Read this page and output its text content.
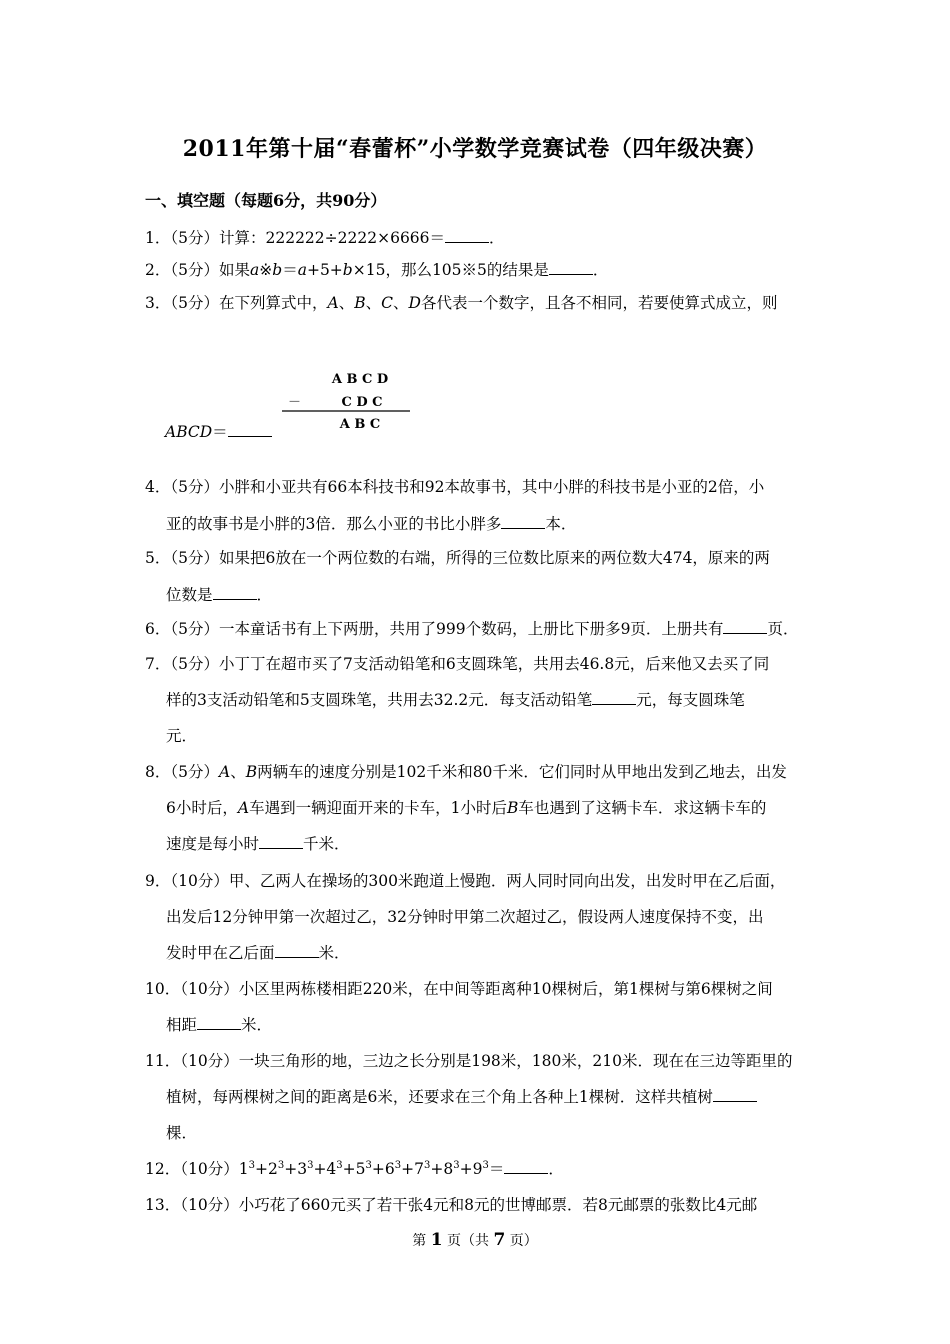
2011年第十届“春蕾杯”小学数学竞赛试卷（四年级决赛）
一、填空题（每题6分，共90分）
1．（5分）计算：222222÷2222×6666＝	．
2．（5分）如果a※b＝a+5+b×15，那么105※5的结果是	．
3．（5分）在下列算式中，A、B、C、D各代表一个数字，且各不相同，若要使算式成立，则
A B C D
－	C D C
A B C
ABCD＝
4．（5分）小胖和小亚共有66本科技书和92本故事书，其中小胖的科技书是小亚的2倍，小
亚的故事书是小胖的3倍．那么小亚的书比小胖多	本．
5．（5分）如果把6放在一个两位数的右端，所得的三位数比原来的两位数大474，原来的两
位数是	．
6．（5分）一本童话书有上下两册，共用了999个数码，上册比下册多9页．上册共有	页．
7．（5分）小丁丁在超市买了7支活动铅笔和6支圆珠笔，共用去46.8元，后来他又去买了同
样的3支活动铅笔和5支圆珠笔，共用去32.2元．每支活动铅笔	元，每支圆珠笔
元．
8．（5分）A、B两辆车的速度分别是102千米和80千米．它们同时从甲地出发到乙地去，出发
6小时后，A车遇到一辆迎面开来的卡车，1小时后B车也遇到了这辆卡车．求这辆卡车的
速度是每小时	千米．
9．（10分）甲、乙两人在操场的300米跑道上慢跑．两人同时同向出发，出发时甲在乙后面，
出发后12分钟甲第一次超过乙，32分钟时甲第二次超过乙，假设两人速度保持不变，出
发时甲在乙后面	米．
10．（10分）小区里两栋楼相距220米，在中间等距离种10棵树后，第1棵树与第6棵树之间
相距	米．
11．（10分）一块三角形的地，三边之长分别是198米，180米，210米．现在在三边等距里的
植树，每两棵树之间的距离是6米，还要求在三个角上各种上1棵树．这样共植树
棵．
12．（10分）$1^3+2^3+3^3+4^3+5^3+6^3+7^3+8^3+9^3=$	．
13．（10分）小巧花了660元买了若干张4元和8元的世博邮票．若8元邮票的张数比4元邮
第 1 页（共 7 页）
